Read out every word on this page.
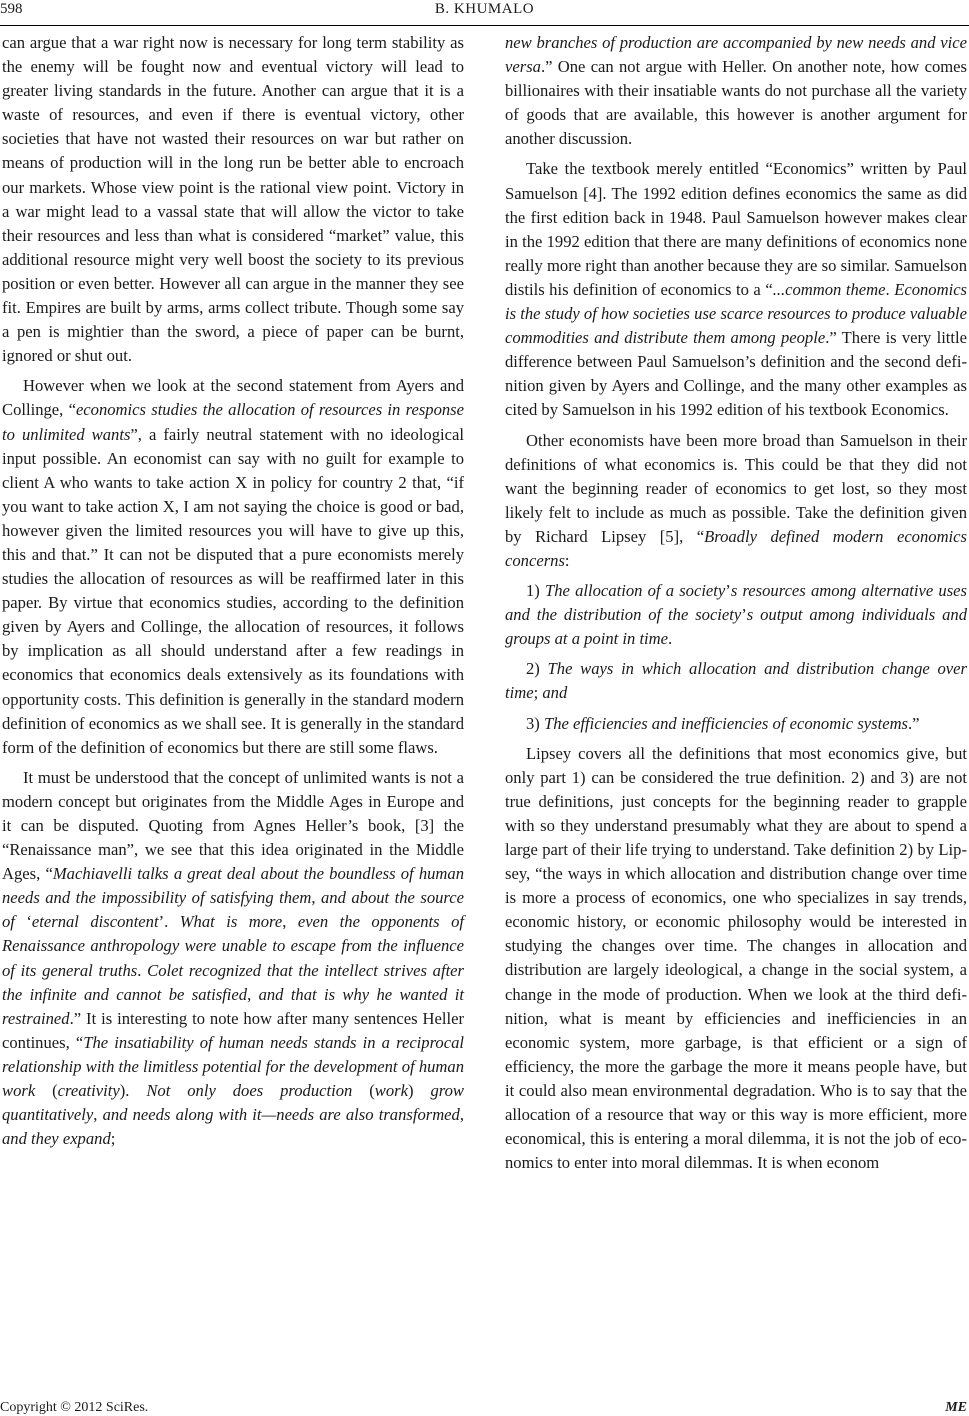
598	B. KHUMALO

can argue that a war right now is necessary for long term stability as the enemy will be fought now and eventual victory will lead to greater living standards in the future. Another can argue that it is a waste of resources, and even if there is eventual victory, other societies that have not wasted their resources on war but rather on means of production will in the long run be better able to encroach our markets. Whose view point is the rational view point. Victory in a war might lead to a vassal state that will allow the victor to take their resources and less than what is considered “market” value, this additional resource might very well boost the society to its previous position or even better. However all can argue in the manner they see fit. Empires are built by arms, arms collect tribute. Though some say a pen is mightier than the sword, a piece of paper can be burnt, ignored or shut out.

However when we look at the second statement from Ayers and Collinge, “economics studies the allocation of resources in response to unlimited wants”, a fairly neutral statement with no ideological input possible. An economist can say with no guilt for example to client A who wants to take action X in policy for country 2 that, “if you want to take action X, I am not saying the choice is good or bad, however given the limited resources you will have to give up this, this and that.” It can not be disputed that a pure economists merely studies the allocation of resources as will be reaffirmed later in this paper. By virtue that economics studies, according to the definition given by Ayers and Collinge, the allocation of resources, it follows by implication as all should understand after a few readings in economics that economics deals extensively as its foundations with opportunity costs. This definition is generally in the standard modern definition of economics as we shall see. It is generally in the standard form of the definition of economics but there are still some flaws.

It must be understood that the concept of unlimited wants is not a modern concept but originates from the Middle Ages in Europe and it can be disputed. Quoting from Agnes Heller’s book, [3] the “Renaissance man”, we see that this idea originated in the Middle Ages, “Machiavelli talks a great deal about the boundless of human needs and the impossibility of satisfying them, and about the source of ‘eternal discontent’. What is more, even the opponents of Renaissance anthropology were unable to escape from the influence of its general truths. Colet recognized that the intellect strives after the infinite and cannot be satisfied, and that is why he wanted it restrained.” It is interesting to note how after many sentences Heller continues, “The insatiability of human needs stands in a reciprocal relationship with the limitless potential for the development of human work (creativity). Not only does production (work) grow quantitatively, and needs along with it—needs are also transformed, and they expand;

new branches of production are accompanied by new needs and vice versa.” One can not argue with Heller. On another note, how comes billionaires with their insatiable wants do not purchase all the variety of goods that are available, this however is another argument for another discussion.

Take the textbook merely entitled “Economics” written by Paul Samuelson [4]. The 1992 edition defines economics the same as did the first edition back in 1948. Paul Samuelson however makes clear in the 1992 edition that there are many definitions of economics none really more right than another because they are so similar. Samuelson distils his definition of economics to a “...common theme. Economics is the study of how societies use scarce resources to produce valuable commodities and distribute them among people.” There is very little difference between Paul Samuelson’s definition and the second definition given by Ayers and Collinge, and the many other examples as cited by Samuelson in his 1992 edition of his textbook Economics.

Other economists have been more broad than Samuelson in their definitions of what economics is. This could be that they did not want the beginning reader of economics to get lost, so they most likely felt to include as much as possible. Take the definition given by Richard Lipsey [5], “Broadly defined modern economics concerns:

1) The allocation of a society’s resources among alternative uses and the distribution of the society’s output among individuals and groups at a point in time.

2) The ways in which allocation and distribution change over time; and

3) The efficiencies and inefficiencies of economic systems.”

Lipsey covers all the definitions that most economics give, but only part 1) can be considered the true definition. 2) and 3) are not true definitions, just concepts for the beginning reader to grapple with so they understand presumably what they are about to spend a large part of their life trying to understand. Take definition 2) by Lipsey, “the ways in which allocation and distribution change over time is more a process of economics, one who specializes in say trends, economic history, or economic philosophy would be interested in studying the changes over time. The changes in allocation and distribution are largely ideological, a change in the social system, a change in the mode of production. When we look at the third definition, what is meant by efficiencies and inefficiencies in an economic system, more garbage, is that efficient or a sign of efficiency, the more the garbage the more it means people have, but it could also mean environmental degradation. Who is to say that the allocation of a resource that way or this way is more efficient, more economical, this is entering a moral dilemma, it is not the job of economics to enter into moral dilemmas. It is when econom

Copyright © 2012 SciRes.	ME
